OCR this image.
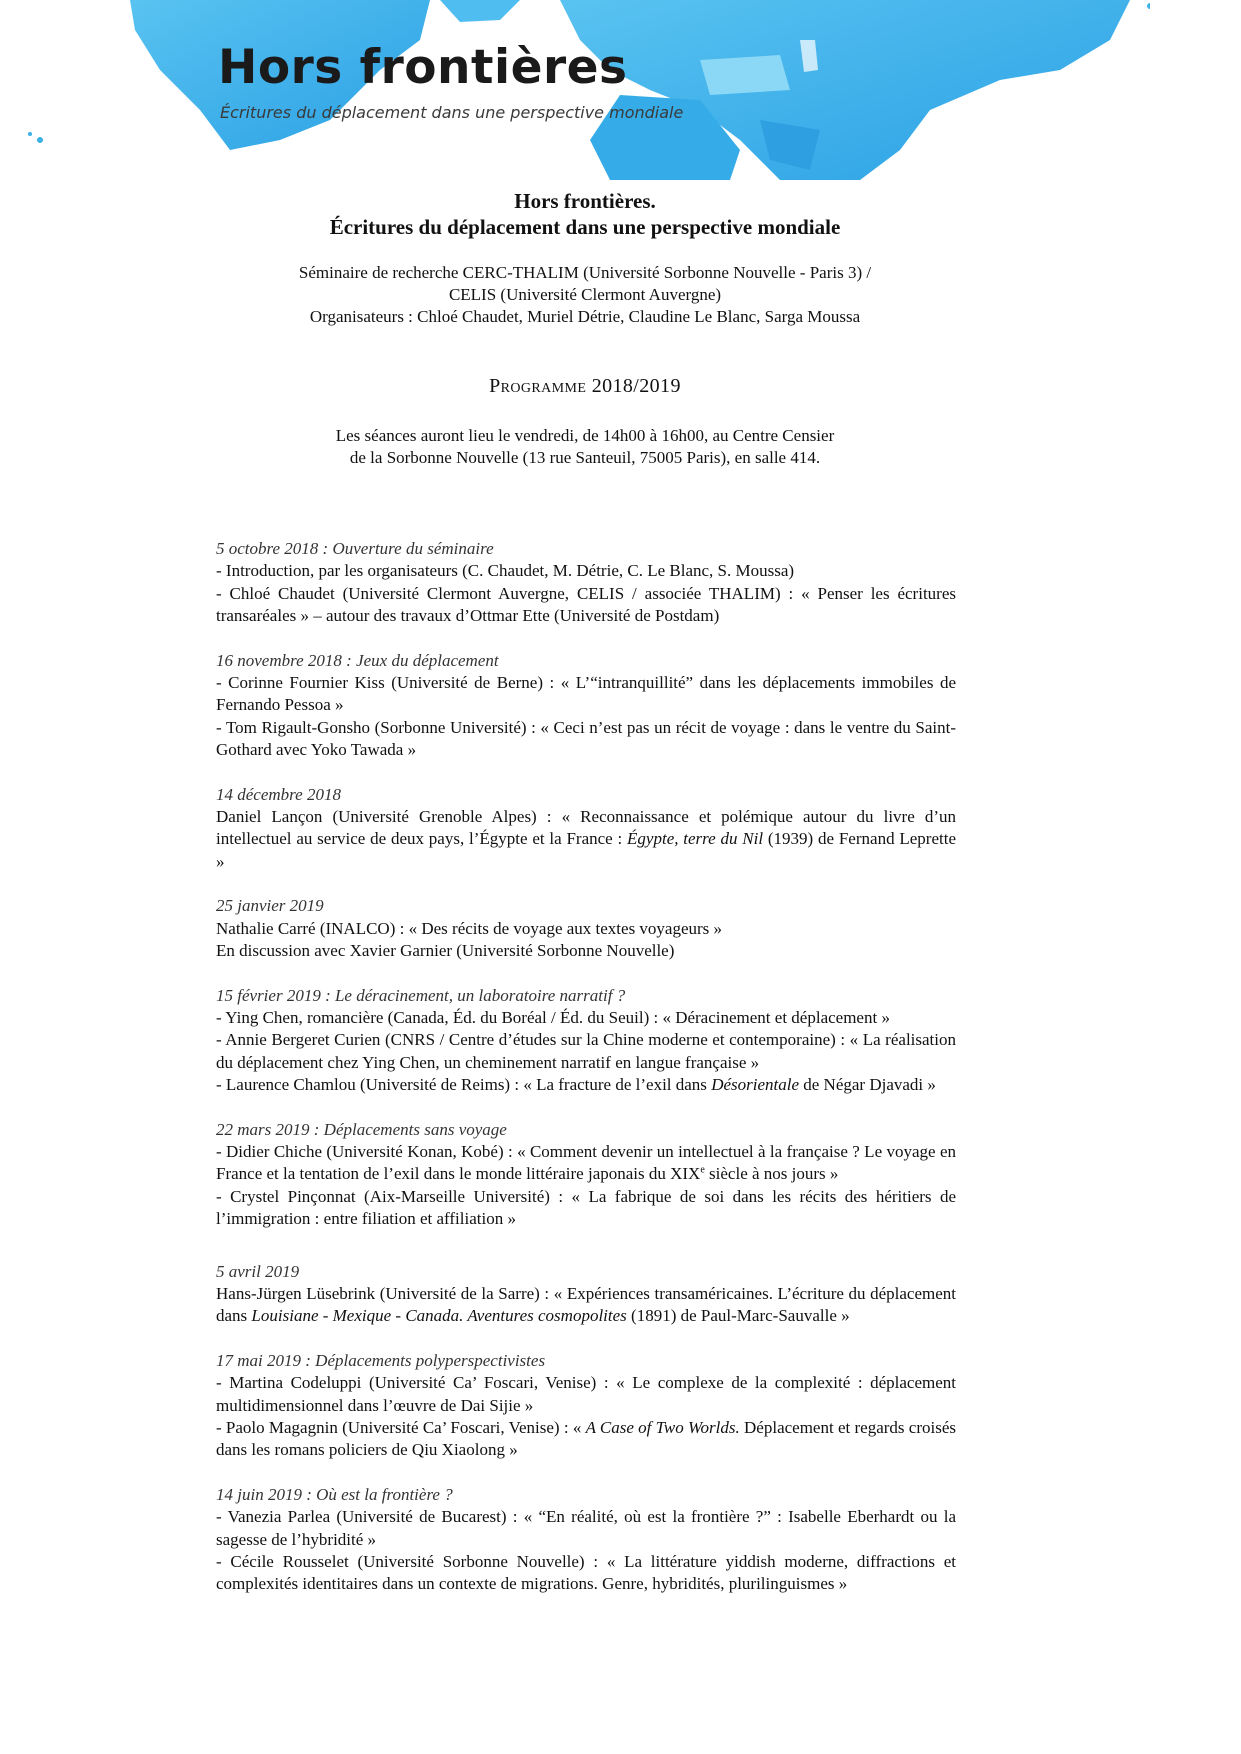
Hors frontières

Écritures du déplacement dans une perspective mondiale

Hors frontières.
Écritures du déplacement dans une perspective mondiale
Séminaire de recherche CERC-THALIM (Université Sorbonne Nouvelle - Paris 3) /
CELIS (Université Clermont Auvergne)
Organisateurs : Chloé Chaudet, Muriel Détrie, Claudine Le Blanc, Sarga Moussa
Programme 2018/2019
Les séances auront lieu le vendredi, de 14h00 à 16h00, au Centre Censier
de la Sorbonne Nouvelle (13 rue Santeuil, 75005 Paris), en salle 414.
5 octobre 2018 : Ouverture du séminaire
- Introduction, par les organisateurs (C. Chaudet, M. Détrie, C. Le Blanc, S. Moussa)
- Chloé Chaudet (Université Clermont Auvergne, CELIS / associée THALIM) : « Penser les écritures transaréales » – autour des travaux d’Ottmar Ette (Université de Postdam)
16 novembre 2018 : Jeux du déplacement
- Corinne Fournier Kiss (Université de Berne) : « L’“intranquillité” dans les déplacements immobiles de Fernando Pessoa »
- Tom Rigault-Gonsho (Sorbonne Université) : « Ceci n’est pas un récit de voyage : dans le ventre du Saint-Gothard avec Yoko Tawada »
14 décembre 2018
Daniel Lançon (Université Grenoble Alpes) : « Reconnaissance et polémique autour du livre d’un intellectuel au service de deux pays, l’Égypte et la France : Égypte, terre du Nil (1939) de Fernand Leprette »
25 janvier 2019
Nathalie Carré (INALCO) : « Des récits de voyage aux textes voyageurs »
En discussion avec Xavier Garnier (Université Sorbonne Nouvelle)
15 février 2019 : Le déracinement, un laboratoire narratif ?
- Ying Chen, romancière (Canada, Éd. du Boréal / Éd. du Seuil) : « Déracinement et déplacement »
- Annie Bergeret Curien (CNRS / Centre d’études sur la Chine moderne et contemporaine) : « La réalisation du déplacement chez Ying Chen, un cheminement narratif en langue française »
- Laurence Chamlou (Université de Reims) : « La fracture de l’exil dans Désorientale de Négar Djavadi »
22 mars 2019 : Déplacements sans voyage
- Didier Chiche (Université Konan, Kobé) : « Comment devenir un intellectuel à la française ? Le voyage en France et la tentation de l’exil dans le monde littéraire japonais du XIXe siècle à nos jours »
- Crystel Pinçonnat (Aix-Marseille Université) : « La fabrique de soi dans les récits des héritiers de l’immigration : entre filiation et affiliation »
5 avril 2019
Hans-Jürgen Lüsebrink (Université de la Sarre) : « Expériences transaméricaines. L’écriture du déplacement dans Louisiane - Mexique - Canada. Aventures cosmopolites (1891) de Paul-Marc-Sauvalle »
17 mai 2019 : Déplacements polyperspectivistes
- Martina Codeluppi (Université Ca’ Foscari, Venise) : « Le complexe de la complexité : déplacement multidimensionnel dans l’œuvre de Dai Sijie »
- Paolo Magagnin (Université Ca’ Foscari, Venise) : « A Case of Two Worlds. Déplacement et regards croisés dans les romans policiers de Qiu Xiaolong »
14 juin 2019 : Où est la frontière ?
- Vanezia Parlea (Université de Bucarest) : « “En réalité, où est la frontière ?” : Isabelle Eberhardt ou la sagesse de l’hybridité »
- Cécile Rousselet (Université Sorbonne Nouvelle) : « La littérature yiddish moderne, diffractions et complexités identitaires dans un contexte de migrations. Genre, hybridités, plurilinguismes »
